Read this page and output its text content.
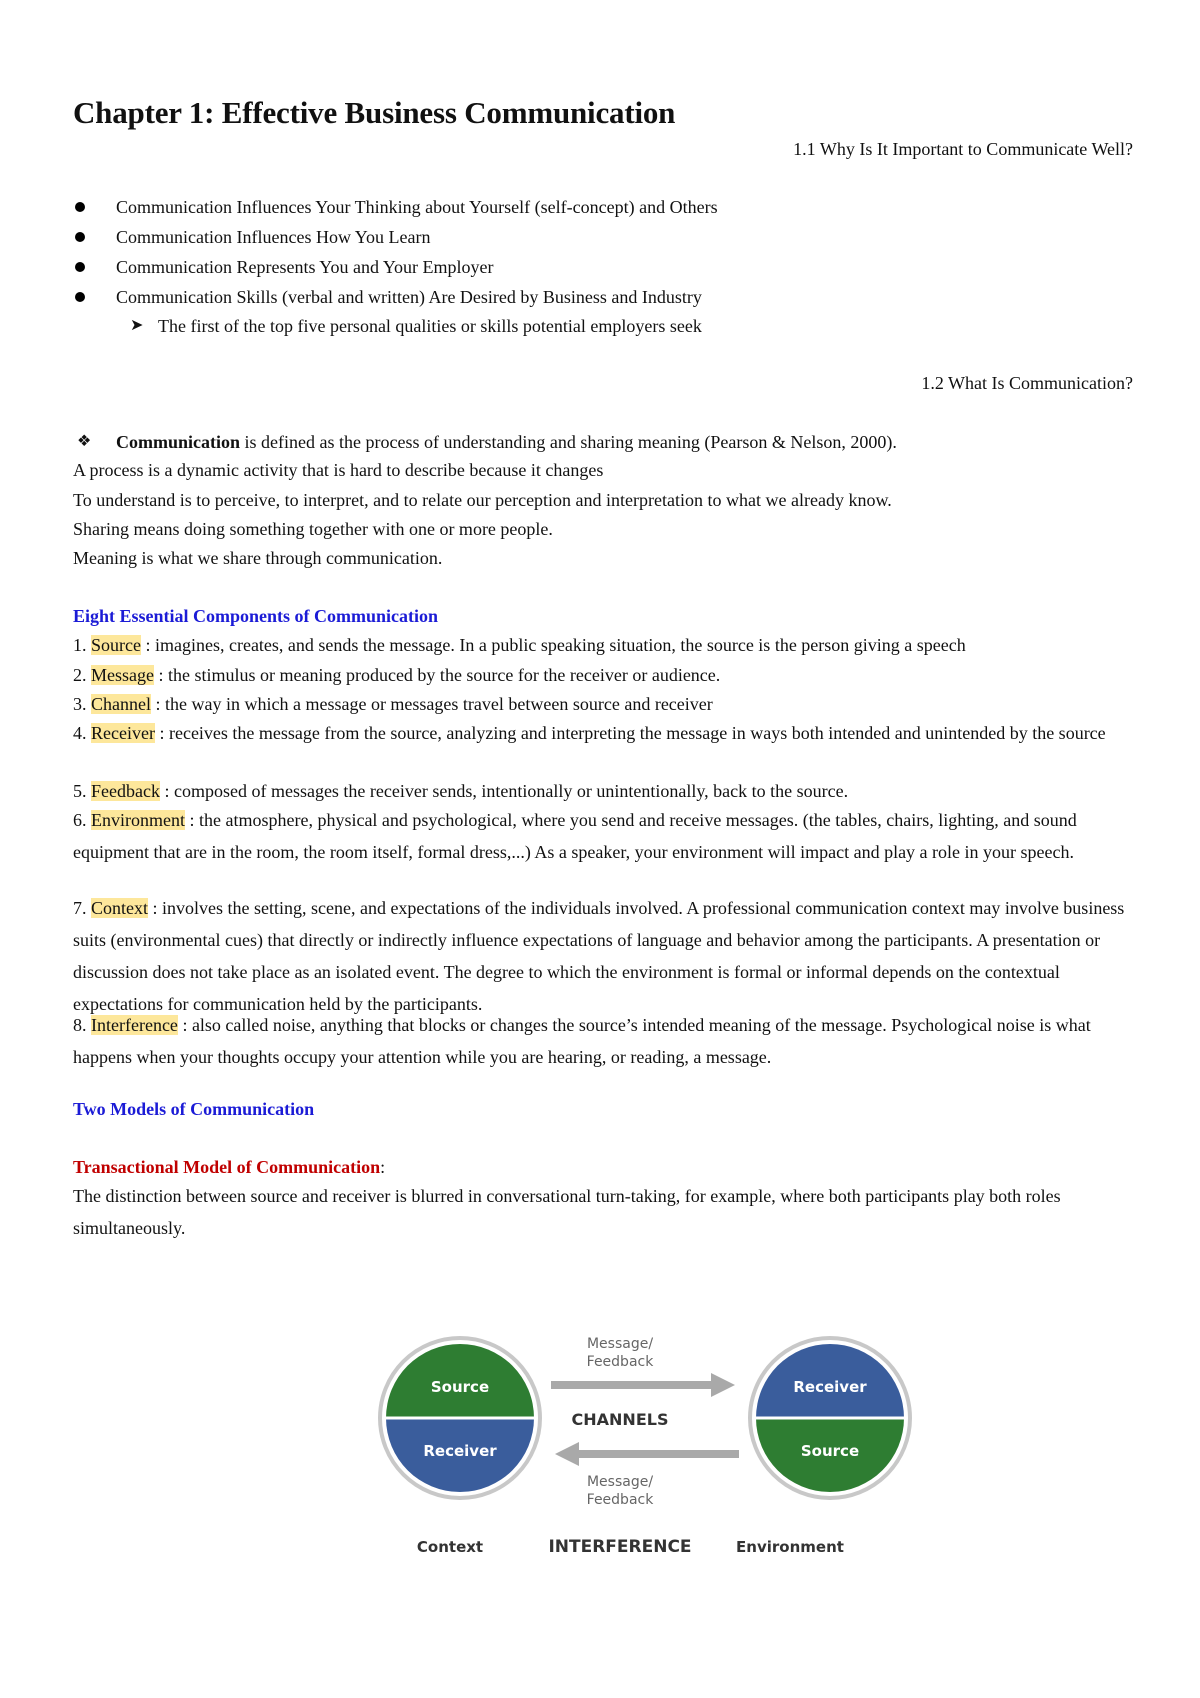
Chapter 1: Effective Business Communication
1.1 Why Is It Important to Communicate Well?
Communication Influences Your Thinking about Yourself (self-concept) and Others
Communication Influences How You Learn
Communication Represents You and Your Employer
Communication Skills (verbal and written) Are Desired by Business and Industry
➤ The first of the top five personal qualities or skills potential employers seek
1.2 What Is Communication?
❖ Communication is defined as the process of understanding and sharing meaning (Pearson & Nelson, 2000).
A process is a dynamic activity that is hard to describe because it changes
To understand is to perceive, to interpret, and to relate our perception and interpretation to what we already know.
Sharing means doing something together with one or more people.
Meaning is what we share through communication.
Eight Essential Components of Communication
1. Source : imagines, creates, and sends the message. In a public speaking situation, the source is the person giving a speech
2. Message : the stimulus or meaning produced by the source for the receiver or audience.
3. Channel : the way in which a message or messages travel between source and receiver
4. Receiver : receives the message from the source, analyzing and interpreting the message in ways both intended and unintended by the source
5. Feedback : composed of messages the receiver sends, intentionally or unintentionally, back to the source.
6. Environment : the atmosphere, physical and psychological, where you send and receive messages. (the tables, chairs, lighting, and sound equipment that are in the room, the room itself, formal dress,...) As a speaker, your environment will impact and play a role in your speech.
7. Context : involves the setting, scene, and expectations of the individuals involved. A professional communication context may involve business suits (environmental cues) that directly or indirectly influence expectations of language and behavior among the participants. A presentation or discussion does not take place as an isolated event. The degree to which the environment is formal or informal depends on the contextual expectations for communication held by the participants.
8. Interference : also called noise, anything that blocks or changes the source’s intended meaning of the message. Psychological noise is what happens when your thoughts occupy your attention while you are hearing, or reading, a message.
Two Models of Communication
Transactional Model of Communication:
The distinction between source and receiver is blurred in conversational turn-taking, for example, where both participants play both roles simultaneously.
Source
Receiver
Receiver
Source
Message/
Feedback
CHANNELS
Message/
Feedback
Context	INTERFERENCE	Environment
